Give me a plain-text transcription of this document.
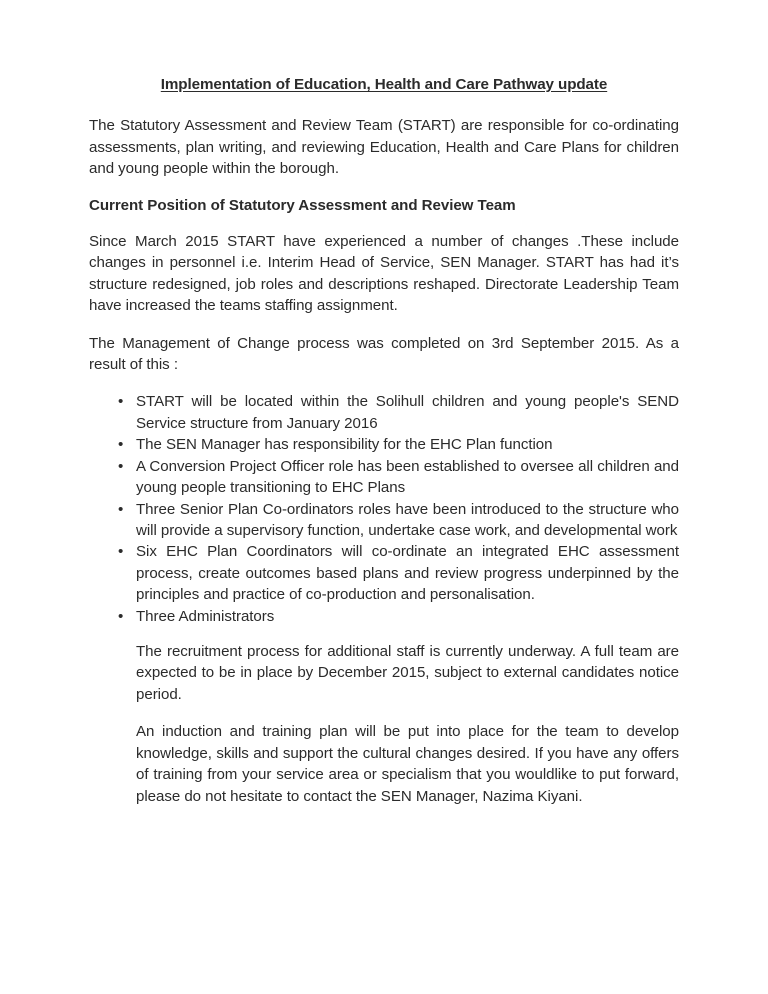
Implementation of Education, Health and Care Pathway update

The Statutory Assessment and Review Team (START) are responsible for co-ordinating assessments, plan writing, and reviewing Education, Health and Care Plans for children and young people within the borough.

Current Position of Statutory Assessment and Review Team

Since March 2015 START have experienced a number of changes .These include changes in personnel i.e. Interim Head of Service, SEN Manager. START has had it’s structure redesigned, job roles and descriptions reshaped. Directorate Leadership Team have increased the teams staffing assignment.

The Management of Change process was completed on 3rd September 2015. As a result of this :

• START will be located within the Solihull children and young people's SEND Service structure from January 2016
• The SEN Manager has responsibility for the EHC Plan function
• A Conversion Project Officer role has been established to oversee all children and young people transitioning to EHC Plans
• Three Senior Plan Co-ordinators roles have been introduced to the structure who will provide a supervisory function, undertake case work, and developmental work
• Six EHC Plan Coordinators will co-ordinate an integrated EHC assessment process, create outcomes based plans and review progress underpinned by the principles and practice of co-production and personalisation.
• Three Administrators

The recruitment process for additional staff is currently underway. A full team are expected to be in place by December 2015, subject to external candidates notice period.

An induction and training plan will be put into place for the team to develop knowledge, skills and support the cultural changes desired. If you have any offers of training from your service area or specialism that you wouldlike to put forward, please do not hesitate to contact the SEN Manager, Nazima Kiyani.
